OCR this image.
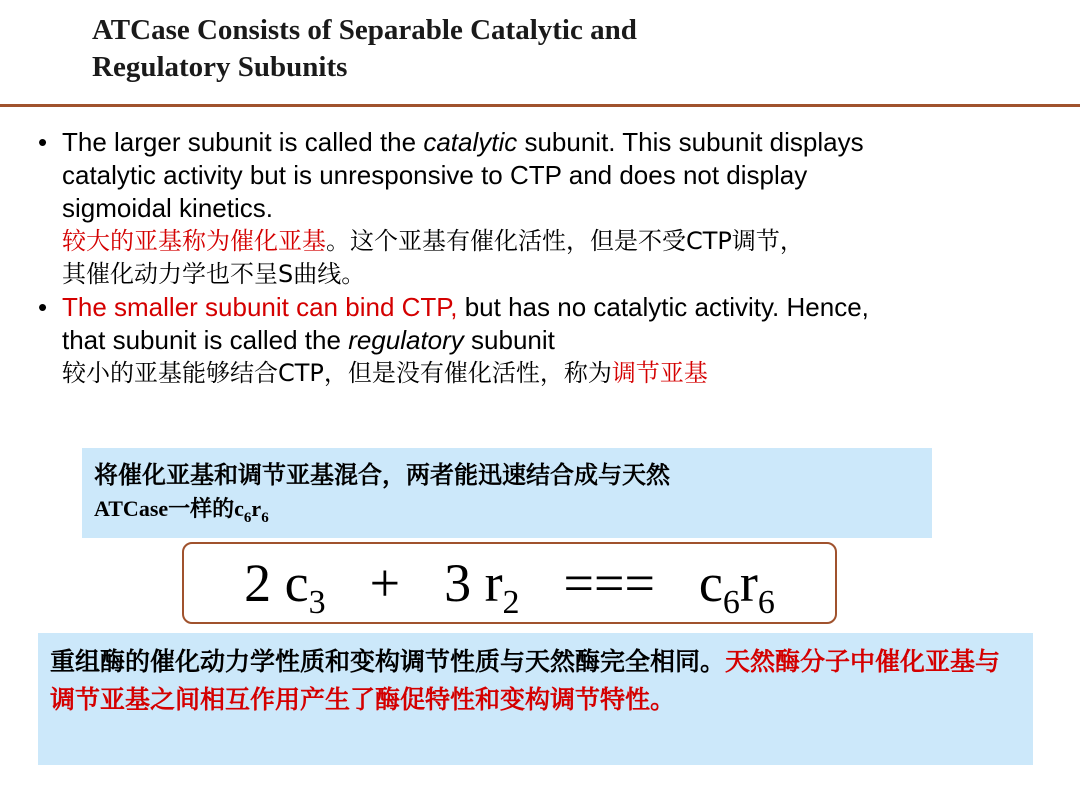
ATCase Consists of Separable Catalytic and
Regulatory Subunits
• The larger subunit is called the catalytic subunit. This subunit displays
catalytic activity but is unresponsive to CTP and does not display
sigmoidal kinetics.
较大的亚基称为催化亚基。这个亚基有催化活性，但是不受CTP调节，
其催化动力学也不呈S曲线。
• The smaller subunit can bind CTP, but has no catalytic activity. Hence,
that subunit is called the regulatory subunit
较小的亚基能够结合CTP，但是没有催化活性，称为调节亚基
将催化亚基和调节亚基混合，两者能迅速结合成与天然
ATCase一样的$c_6r_6$
2 $c_3 + 3$ $r_2$ === $c_6r_6$
重组酶的催化动力学性质和变构调节性质与天然酶完全相同。天然酶分子中催化亚基与调节亚基之间相互作用产生了酶促特性和变构调节特性。
